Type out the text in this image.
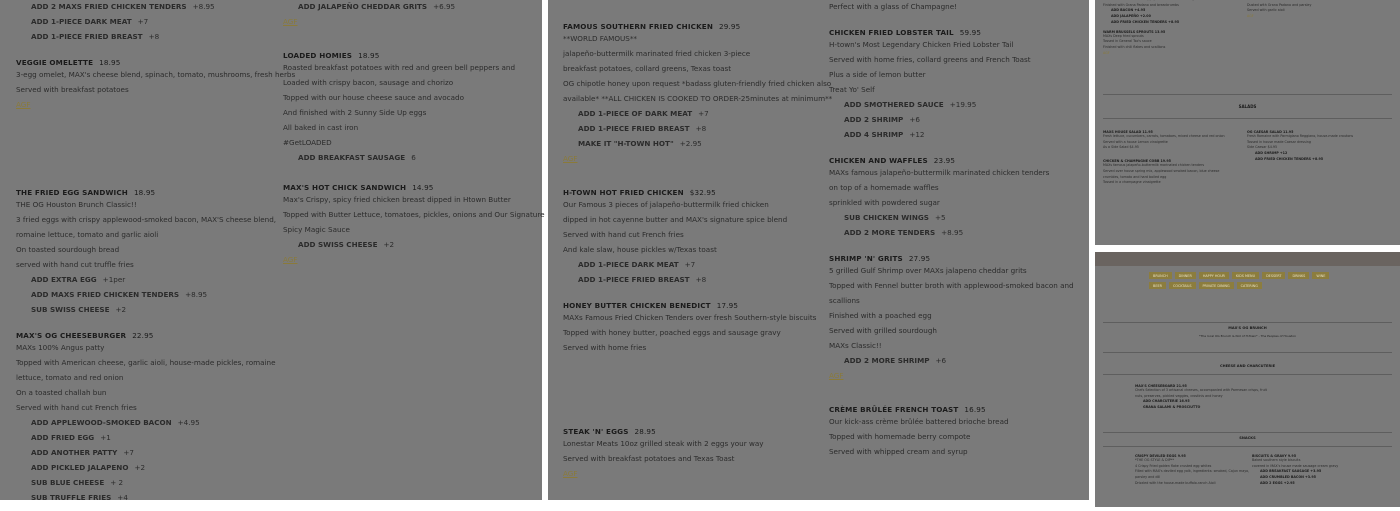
ADD 2 MAXS FRIED CHICKEN TENDERS +8.95
ADD 1-PIECE DARK MEAT +7
ADD 1-PIECE FRIED BREAST +8
VEGGIE OMELETTE 18.95
3-egg omelet, MAX's cheese blend, spinach, tomato, mushrooms, fresh herbs
Served with breakfast potatoes
AGF
THE FRIED EGG SANDWICH 18.95
THE OG Houston Brunch Classic!!
3 fried eggs with crispy applewood-smoked bacon, MAX'S cheese blend,
romaine lettuce, tomato and garlic aioli
On toasted sourdough bread
served with hand cut truffle fries
ADD EXTRA EGG +1per
ADD MAXS FRIED CHICKEN TENDERS +8.95
SUB SWISS CHEESE +2
MAX'S OG CHEESEBURGER 22.95
MAXs 100% Angus patty
Topped with American cheese, garlic aioli, house-made pickles, romaine
lettuce, tomato and red onion
On a toasted challah bun
Served with hand cut French fries
ADD APPLEWOOD-SMOKED BACON +4.95
ADD FRIED EGG +1
ADD ANOTHER PATTY +7
ADD PICKLED JALAPENO +2
SUB BLUE CHEESE + 2
SUB TRUFFLE FRIES +4
ADD JALAPEÑO CHEDDAR GRITS +6.95
AGF
LOADED HOMIES 18.95
Roasted breakfast potatoes with red and green bell peppers and
Loaded with crispy bacon, sausage and chorizo
Topped with our house cheese sauce and avocado
And finished with 2 Sunny Side Up eggs
All baked in cast iron
#GetLOADED
ADD BREAKFAST SAUSAGE 6
MAX'S HOT CHICK SANDWICH 14.95
Max's Crispy, spicy fried chicken breast dipped in Htown Butter
Topped with Butter Lettuce, tomatoes, pickles, onions and Our Signature
Spicy Magic Sauce
ADD SWISS CHEESE +2
AGF
FAMOUS SOUTHERN FRIED CHICKEN 29.95
**WORLD FAMOUS**
jalapeño-buttermilk marinated fried chicken 3-piece
breakfast potatoes, collard greens, Texas toast
OG chipotle honey upon request *badass gluten-friendly fried chicken also
available* **ALL CHICKEN IS COOKED TO ORDER-25minutes at minimum**
ADD 1-PIECE OF DARK MEAT +7
ADD 1-PIECE FRIED BREAST +8
MAKE IT "H-TOWN HOT" +2.95
AGF
H-TOWN HOT FRIED CHICKEN $32.95
Our Famous 3 pieces of jalapeño-buttermilk fried chicken
dipped in hot cayenne butter and MAX's signature spice blend
Served with hand cut French fries
And kale slaw, house pickles w/Texas toast
ADD 1-PIECE DARK MEAT +7
ADD 1-PIECE FRIED BREAST +8
HONEY BUTTER CHICKEN BENEDICT 17.95
MAXs Famous Fried Chicken Tenders over fresh Southern-style biscuits
Topped with honey butter, poached eggs and sausage gravy
Served with home fries
STEAK 'N' EGGS 28.95
Lonestar Meats 10oz grilled steak with 2 eggs your way
Served with breakfast potatoes and Texas Toast
AGF
Perfect with a glass of Champagne!
CHICKEN FRIED LOBSTER TAIL 59.95
H-town's Most Legendary Chicken Fried Lobster Tail
Served with home fries, collard greens and French Toast
Plus a side of lemon butter
Treat Yo' Self
ADD SMOTHERED SAUCE +19.95
ADD 2 SHRIMP +6
ADD 4 SHRIMP +12
CHICKEN AND WAFFLES 23.95
MAXs famous jalapeño-buttermilk marinated chicken tenders
on top of a homemade waffles
sprinkled with powdered sugar
SUB CHICKEN WINGS +5
ADD 2 MORE TENDERS +8.95
SHRIMP 'N' GRITS 27.95
5 grilled Gulf Shrimp over MAXs jalapeno cheddar grits
Topped with Fennel butter broth with applewood-smoked bacon and
scallions
Finished with a poached egg
Served with grilled sourdough
MAXs Classic!!
ADD 2 MORE SHRIMP +6
AGF
CRÈME BRÛLÉE FRENCH TOAST 16.95
Our kick-ass crème brûlée battered brioche bread
Topped with homemade berry compote
Served with whipped cream and syrup
Finished with Grana Padano and breadcrumbs
ADD BACON +4.95
ADD JALAPEÑO +2.00
ADD FRIED CHICKEN TENDERS +8.95
WARM BRUSSELS SPROUTS 13.95
MAXs Deep fried sprouts
Tossed in General Tso's sauce
Finished with chili flakes and scallions
AGF
Dusted with Grana Padano and parsley
Served with garlic aioli
AGF
SALADS
MAXS HOUSE SALAD 11.95
Fresh lettuce, cucumbers, carrots, tomatoes, mixed cheese and red onion
Served with a house Lemon vinaigrette
As a Side Salad $4.95
CHICKEN & CHAMPAGNE COBB 19.95
MAXs famous jalapeño-buttermilk marinated chicken tenders
Served over house spring mix, applewood smoked bacon, blue cheese
crumbles, tomato and hard boiled egg
Tossed in a champagne vinaigrette
OG CAESAR SALAD 11.95
Fresh Romaine with Parmigiano Reggiano, house-made croutons
Tossed in house made Caesar dressing
Side Caesar $4.95
ADD SHRIMP +12
ADD FRIED CHICKEN TENDERS +8.95
BRUNCH	DINNER	HAPPY HOUR	KIDS MENU	DESSERT	DRINKS	WINE
BEER	COCKTAILS	PRIVATE DINING	CATERING
MAX'S OG BRUNCH
*The local OG Brunch & Not of H-Town* - The Peoples of Houston
CHEESE AND CHARCUTERIE
MAX'S CHEESEBOARD 21.95
Chefs Selection of 3 artisanal cheeses, accompanied with Parmesan crisps, fruit
nuts, preserves, pickled veggies, crostinis and honey
ADD CHARCUTERIE 16.95
GRANA SALAMI & PROSCIUTTO
SNACKS
CRISPY DEVILED EGGS 9.95
*THE OG STYLE & DIP**
4 Crispy Fried golden flake crusted egg whites
Filled with MAX's deviled egg yolk, ingredients: smoked, Cajun mayo,
parsley and dill
Drizzled with the house-made buffalo-ranch Aioli
BISCUITS & GRAVY 9.95
Baked southern style biscuits
covered in MAX's house made sausage cream gravy
ADD BREAKFAST SAUSAGE +3.95
ADD CRUMBLED BACON +3.95
ADD 2 EGGS +2.95
